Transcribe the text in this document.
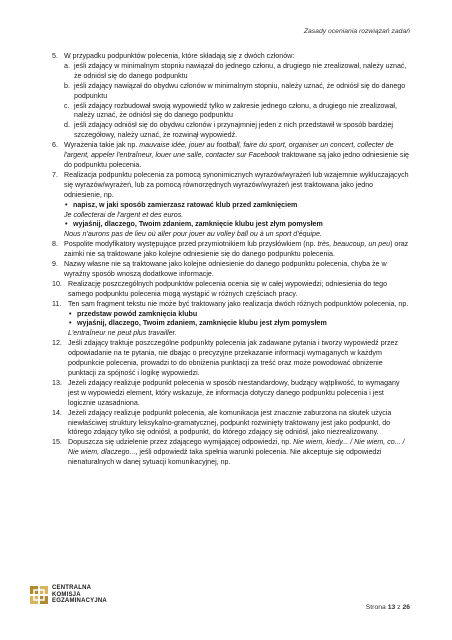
Zasady oceniania rozwiązań zadań
5. W przypadku podpunktów polecenia, które składają się z dwóch członów:
a. jeśli zdający w minimalnym stopniu nawiązał do jednego członu, a drugiego nie zrealizował, należy uznać, że odniósł się do danego podpunktu
b. jeśli zdający nawiązał do obydwu członów w minimalnym stopniu, należy uznać, że odniósł się do danego podpunktu
c. jeśli zdający rozbudował swoją wypowiedź tylko w zakresie jednego członu, a drugiego nie zrealizował, należy uznać, że odniósł się do danego podpunktu
d. jeśli zdający odniósł się do obydwu członów i przynajmniej jeden z nich przedstawił w sposób bardziej szczegółowy, należy uznać, że rozwinął wypowiedź.
6. Wyrażenia takie jak np. mauvaise idée, jouer au football, faire du sport, organiser un concert, collecter de l'argent, appeler l'entraîneur, louer une salle, contacter sur Facebook traktowane są jako jedno odniesienie się do podpunktu polecenia.
7. Realizacja podpunktu polecenia za pomocą synonimicznych wyrazów/wyrażeń lub wzajemnie wykluczających się wyrazów/wyrażeń, lub za pomocą równorzędnych wyrazów/wyrażeń jest traktowana jako jedno odniesienie, np.
• napisz, w jaki sposób zamierzasz ratować klub przed zamknięciem
Je collecterai de l'argent et des euros.
• wyjaśnij, dlaczego, Twoim zdaniem, zamknięcie klubu jest złym pomysłem
Nous n'aurons pas de lieu où aller pour jouer au volley ball ou à un sport d'équipe.
8. Pospolite modyfikatory występujące przed przymiotnikiem lub przysłówkiem (np. très, beaucoup, un peu) oraz zaimki nie są traktowane jako kolejne odniesienie się do danego podpunktu polecenia.
9. Nazwy własne nie są traktowane jako kolejne odniesienie do danego podpunktu polecenia, chyba że w wyraźny sposób wnoszą dodatkowe informacje.
10. Realizację poszczególnych podpunktów polecenia ocenia się w całej wypowiedzi; odniesienia do tego samego podpunktu polecenia mogą wystąpić w różnych częściach pracy.
11. Ten sam fragment tekstu nie może być traktowany jako realizacja dwóch różnych podpunktów polecenia, np.
• przedstaw powód zamknięcia klubu
• wyjaśnij, dlaczego, Twoim zdaniem, zamknięcie klubu jest złym pomysłem
L'entraîneur ne peut plus travailler.
12. Jeśli zdający traktuje poszczególne podpunkty polecenia jak zadawane pytania i tworzy wypowiedź przez odpowiadanie na te pytania, nie dbając o precyzyjne przekazanie informacji wymaganych w każdym podpunkcie polecenia, prowadzi to do obniżenia punktacji za treść oraz może powodować obniżenie punktacji za spójność i logikę wypowiedzi.
13. Jeżeli zdający realizuje podpunkt polecenia w sposób niestandardowy, budzący wątpliwość, to wymagany jest w wypowiedzi element, który wskazuje, że informacja dotyczy danego podpunktu polecenia i jest logicznie uzasadniona.
14. Jeżeli zdający realizuje podpunkt polecenia, ale komunikacja jest znacznie zaburzona na skutek użycia niewłaściwej struktury leksykalno-gramatycznej, podpunkt rozwinięty traktowany jest jako podpunkt, do którego zdający tylko się odniósł, a podpunkt, do którego zdający się odniósł, jako niezrealizowany.
15. Dopuszcza się udzielenie przez zdającego wymijającej odpowiedzi, np. Nie wiem, kiedy... / Nie wiem, co... / Nie wiem, dlaczego..., jeśli odpowiedź taka spełnia warunki polecenia. Nie akceptuje się odpowiedzi nienaturalnych w danej sytuacji komunikacyjnej, np.
CENTRALNA
KOMISJA
EGZAMINACYJNA
Strona 13 z 26
